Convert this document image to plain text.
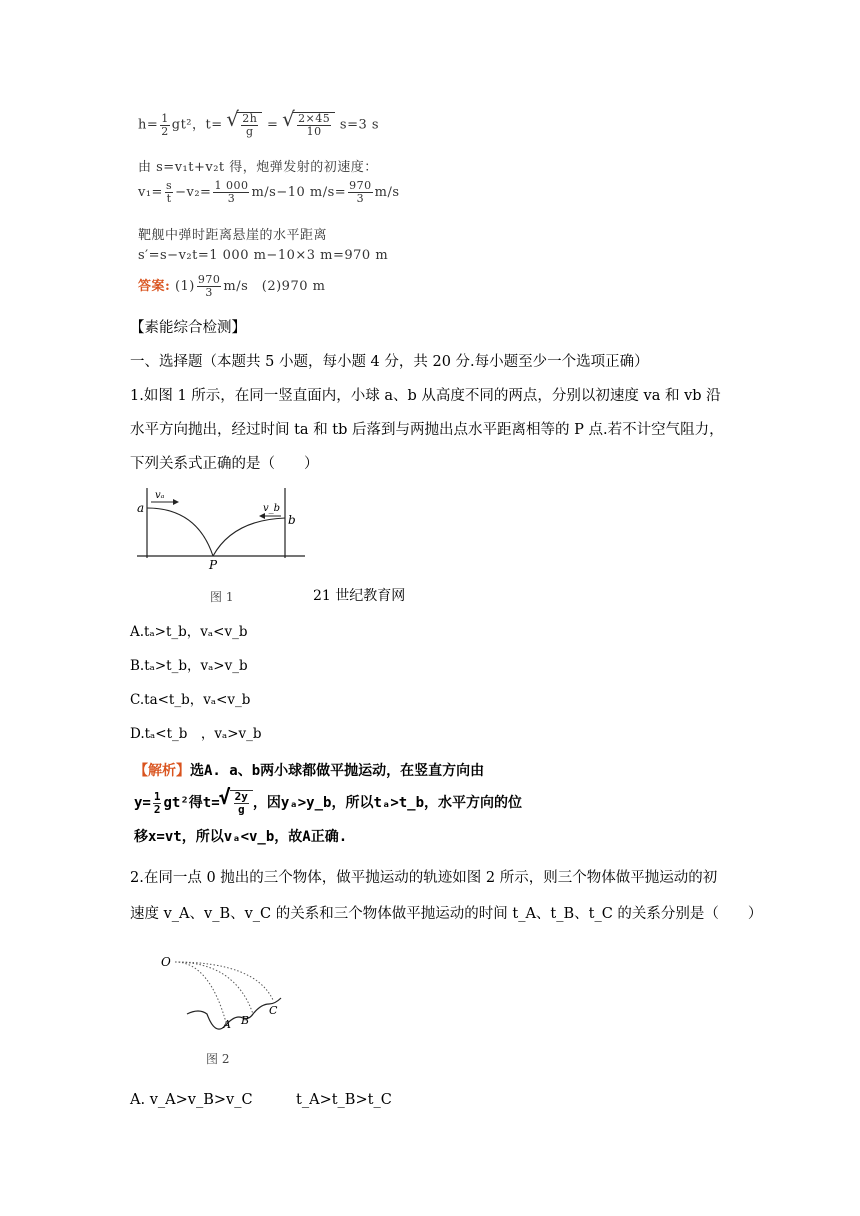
$h= \frac{1}{2} gt^2$，t= √ $\frac{2h}{g}$ = √ $\frac{2\times 45}{10} s=3$ s
由 s=v₁t+v₂t 得，炮弹发射的初速度：
$v_1= \frac{s}{t} -v_2= \frac{1 000}{3} m/s-10$ $m/s= \frac{970}{3} m/s$
靶舰中弹时距离悬崖的水平距离
s′=s−v₂t=1 000 m−10×3 m=970 m
答案: $(1) \frac{970}{3} m/s$　(2)970 m
【素能综合检测】
一、选择题（本题共 5 小题，每小题 4 分，共 20 分.每小题至少一个选项正确）
1.如图 1 所示，在同一竖直面内，小球 a、b 从高度不同的两点，分别以初速度 va 和 vb 沿
水平方向抛出，经过时间 ta 和 tb 后落到与两抛出点水平距离相等的 P 点.若不计空气阻力，
下列关系式正确的是（　　）
a
b
vₐ
v_b
P
图 1	21 世纪教育网
A.tₐ>t_b，vₐ<v_b
B.tₐ>t_b，vₐ>v_b
C.ta<t_b，vₐ<v_b
D.tₐ<t_b　，vₐ>v_b
【解析】选A. a、b两小球都做平抛运动，在竖直方向由
$y= \frac{1}{2} gt^2$得t= √ $\frac{2y}{g}$ ，因yₐ>y_b，所以tₐ>t_b，水平方向的位
移x=vt，所以vₐ<v_b，故A正确.
2.在同一点 0 抛出的三个物体，做平抛运动的轨迹如图 2 所示，则三个物体做平抛运动的初
速度 v_A、v_B、v_C 的关系和三个物体做平抛运动的时间 t_A、t_B、t_C 的关系分别是（　　）
O
A B
C
图 2
A. v_A>v_B>v_C　　　t_A>t_B>t_C
